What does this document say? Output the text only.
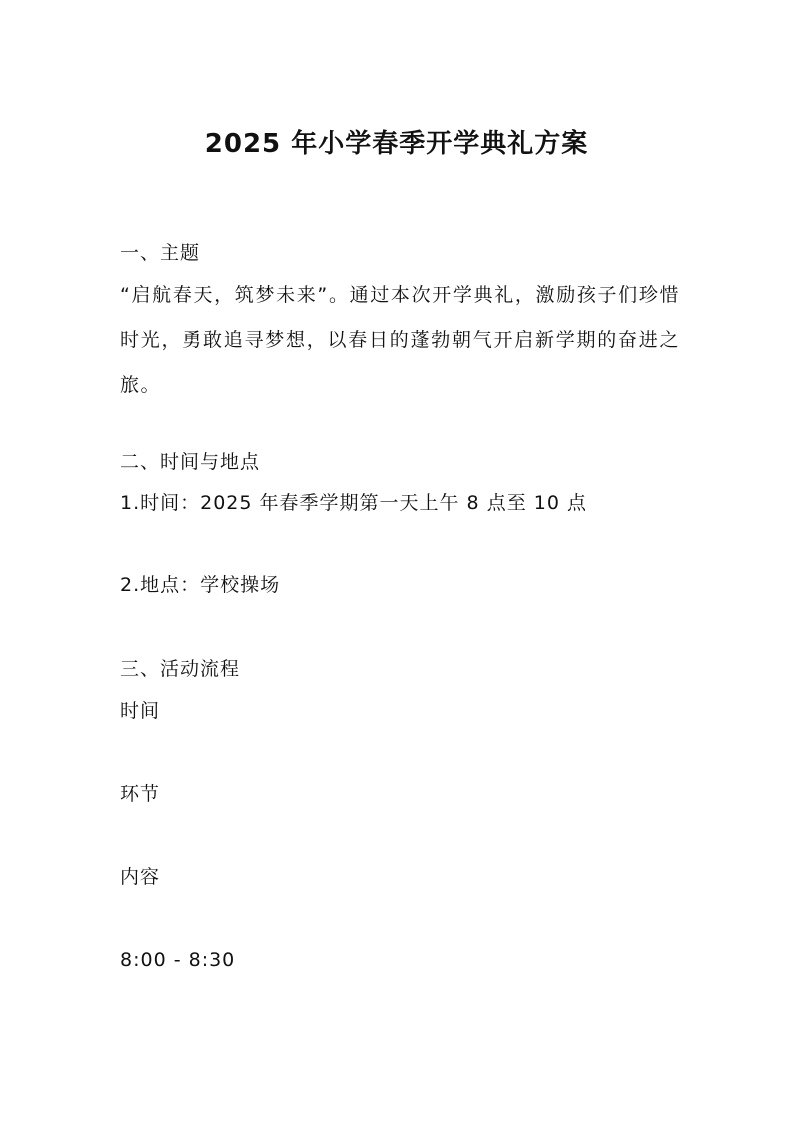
2025 年小学春季开学典礼方案

一、主题

“启航春天，筑梦未来”。通过本次开学典礼，激励孩子们珍惜时光，勇敢追寻梦想，以春日的蓬勃朝气开启新学期的奋进之旅。

二、时间与地点

1.时间：2025 年春季学期第一天上午 8 点至 10 点

2.地点：学校操场

三、活动流程

时间

环节

内容

8:00 - 8:30
